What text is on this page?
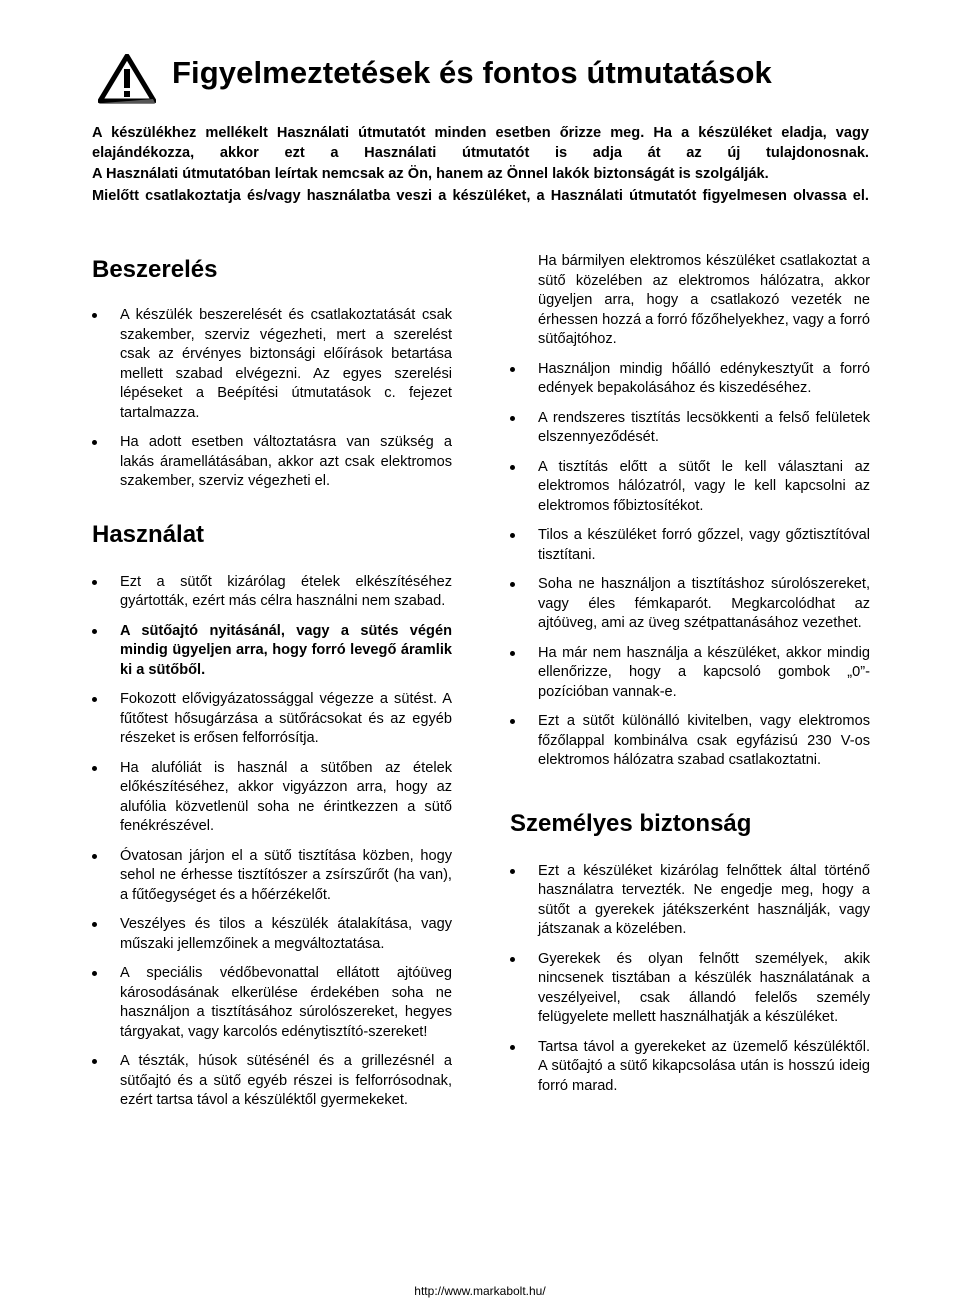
Figyelmeztetések és fontos útmutatások

A készülékhez mellékelt Használati útmutatót minden esetben őrizze meg. Ha a készüléket eladja, vagy elajándékozza, akkor ezt a Használati útmutatót is adja át az új tulajdonosnak.

A Használati útmutatóban leírtak nemcsak az Ön, hanem az Önnel lakók biztonságát is szolgálják.

Mielőtt csatlakoztatja és/vagy használatba veszi a készüléket, a Használati útmutatót figyelmesen olvassa el.

Beszerelés
A készülék beszerelését és csatlakoztatását csak szakember, szerviz végezheti, mert a szerelést csak az érvényes biztonsági előírások betartása mellett szabad elvégezni. Az egyes szerelési lépéseket a Beépítési útmutatások c. fejezet tartalmazza.
Ha adott esetben változtatásra van szükség a lakás áramellátásában, akkor azt csak elektromos szakember, szerviz végezheti el.
Használat
Ezt a sütőt kizárólag ételek elkészítéséhez gyártották, ezért más célra használni nem szabad.
A sütőajtó nyitásánál, vagy a sütés végén mindig ügyeljen arra, hogy forró levegő áramlik ki a sütőből.
Fokozott elővigyázatossággal végezze a sütést. A fűtőtest hősugárzása a sütőrácsokat és az egyéb részeket is erősen felforrósítja.
Ha alufóliát is használ a sütőben az ételek előkészítéséhez, akkor vigyázzon arra, hogy az alufólia közvetlenül soha ne érintkezzen a sütő fenékrészével.
Óvatosan járjon el a sütő tisztítása közben, hogy sehol ne érhesse tisztítószer a zsírszűrőt (ha van), a fűtőegységet és a hőérzékelőt.
Veszélyes és tilos a készülék átalakítása, vagy műszaki jellemzőinek a megváltoztatása.
A speciális védőbevonattal ellátott ajtóüveg károsodásának elkerülése érdekében soha ne használjon a tisztításához súrolószereket, hegyes tárgyakat, vagy karcolós edénytisztító-szereket!
A tészták, húsok sütésénél és a grillezésnél a sütőajtó és a sütő egyéb részei is felforrósodnak, ezért tartsa távol a készüléktől gyermekeket.

Ha bármilyen elektromos készüléket csatlakoztat a sütő közelében az elektromos hálózatra, akkor ügyeljen arra, hogy a csatlakozó vezeték ne érhessen hozzá a forró főzőhelyekhez, vagy a forró sütőajtóhoz.

Használjon mindig hőálló edénykesztyűt a forró edények bepakolásához és kiszedéséhez.
A rendszeres tisztítás lecsökkenti a felső felületek elszennyeződését.
A tisztítás előtt a sütőt le kell választani az elektromos hálózatról, vagy le kell kapcsolni az elektromos főbiztosítékot.
Tilos a készüléket forró gőzzel, vagy gőztisztítóval tisztítani.
Soha ne használjon a tisztításhoz súrolószereket, vagy éles fémkaparót. Megkarcolódhat az ajtóüveg, ami az üveg szétpattanásához vezethet.
Ha már nem használja a készüléket, akkor mindig ellenőrizze, hogy a kapcsoló gombok „0”-pozícióban vannak-e.
Ezt a sütőt különálló kivitelben, vagy elektromos főzőlappal kombinálva csak egyfázisú 230 V-os elektromos hálózatra szabad csatlakoztatni.
Személyes biztonság
Ezt a készüléket kizárólag felnőttek által történő használatra tervezték. Ne engedje meg, hogy a sütőt a gyerekek játékszerként használják, vagy játszanak a közelében.
Gyerekek és olyan felnőtt személyek, akik nincsenek tisztában a készülék használatának a veszélyeivel, csak állandó felelős személy felügyelete mellett használhatják a készüléket.
Tartsa távol a gyerekeket az üzemelő készüléktől. A sütőajtó a sütő kikapcsolása után is hosszú ideig forró marad.
http://www.markabolt.hu/
